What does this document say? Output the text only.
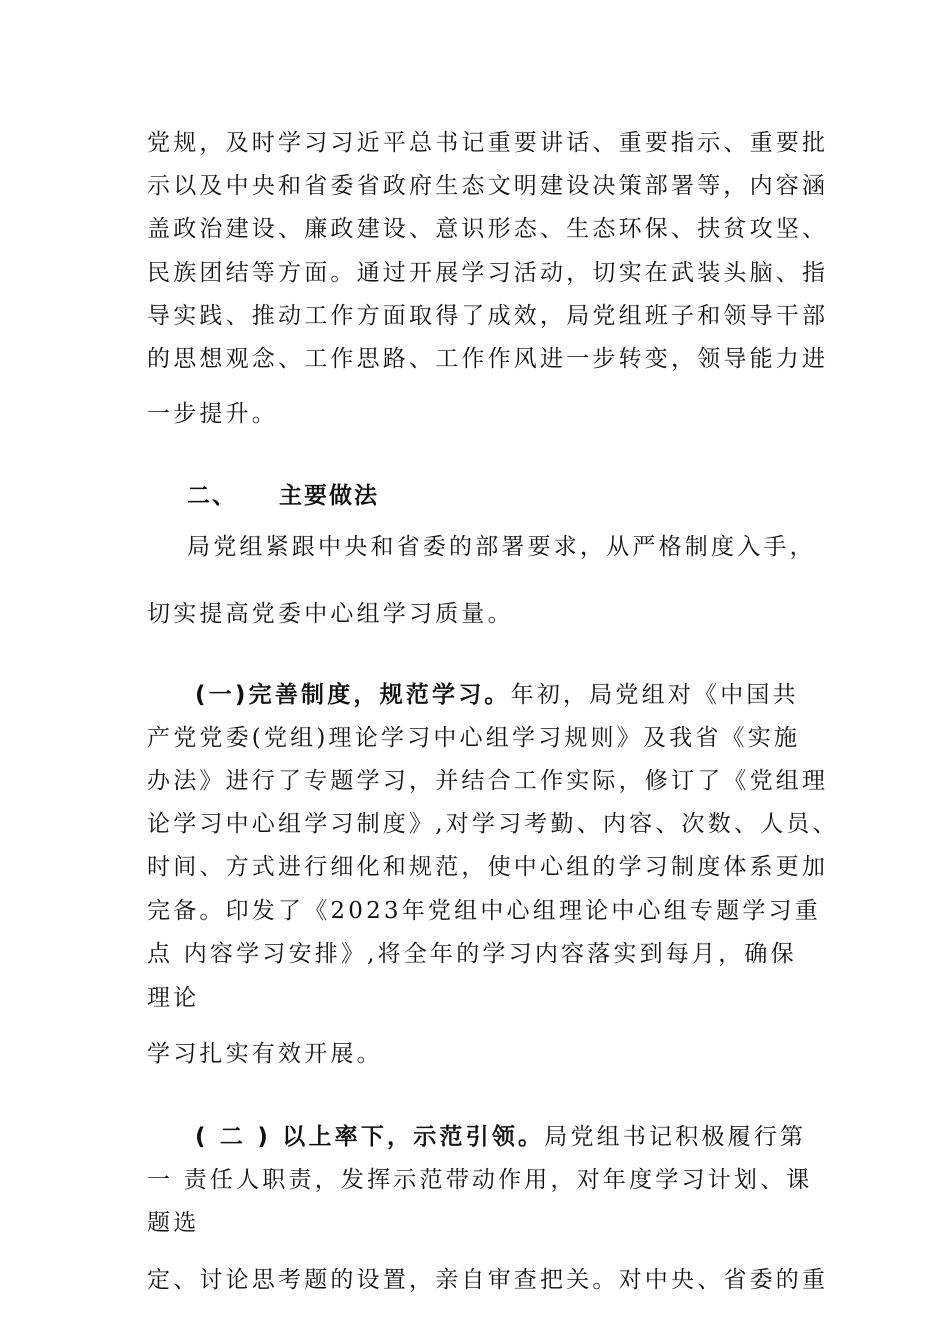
党规，及时学习习近平总书记重要讲话、重要指示、重要批
示以及中央和省委省政府生态文明建设决策部署等，内容涵
盖政治建设、廉政建设、意识形态、生态环保、扶贫攻坚、
民族团结等方面。通过开展学习活动，切实在武装头脑、指
导实践、推动工作方面取得了成效，局党组班子和领导干部
的思想观念、工作思路、工作作风进一步转变，领导能力进
一步提升。
二、 主要做法
局党组紧跟中央和省委的部署要求，从严格制度入手，
切实提高党委中心组学习质量。
(一)完善制度，规范学习。年初，局党组对《中国共
产党党委(党组)理论学习中心组学习规则》及我省《实施
办法》进行了专题学习，并结合工作实际，修订了《党组理
论学习中心组学习制度》,对学习考勤、内容、次数、人员、
时间、方式进行细化和规范，使中心组的学习制度体系更加
完备。印发了《2023年党组中心组理论中心组专题学习重
点 内容学习安排》,将全年的学习内容落实到每月，确保
理论
学习扎实有效开展。
( 二 ) 以上率下，示范引领。局党组书记积极履行第
一 责任人职责，发挥示范带动作用，对年度学习计划、课
题选
定、讨论思考题的设置，亲自审查把关。对中央、省委的重
